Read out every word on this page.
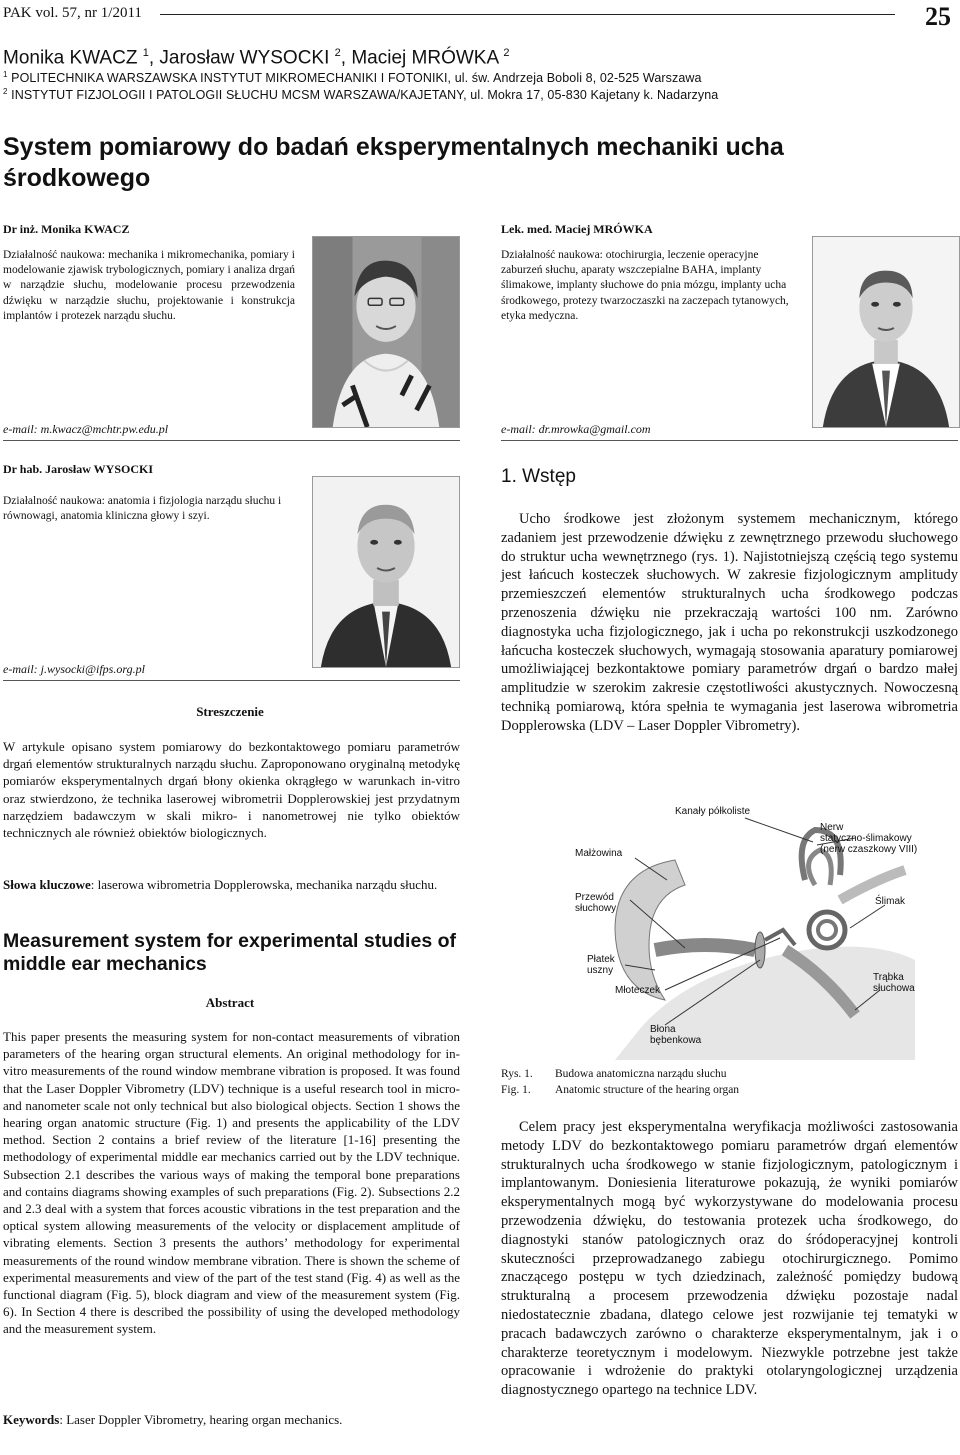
PAK vol. 57, nr 1/2011	25
Monika KWACZ $^1$, Jarosław WYSOCKI $^2$, Maciej MRÓWKA $^2$
$^1$ POLITECHNIKA WARSZAWSKA INSTYTUT MIKROMECHANIKI I FOTONIKI, ul. św. Andrzeja Boboli 8, 02-525 Warszawa
$^2$ INSTYTUT FIZJOLOGII I PATOLOGII SŁUCHU MCSM WARSZAWA/KAJETANY, ul. Mokra 17, 05-830 Kajetany k. Nadarzyna
System pomiarowy do badań eksperymentalnych mechaniki ucha środkowego
Dr inż. Monika KWACZ
Działalność naukowa: mechanika i mikromechanika, pomiary i modelowanie zjawisk trybologicznych, pomiary i analiza drgań w narządzie słuchu, modelowanie procesu przewodzenia dźwięku w narządzie słuchu, projektowanie i konstrukcja implantów i protezek narządu słuchu.
e-mail: m.kwacz@mchtr.pw.edu.pl
Lek. med. Maciej MRÓWKA
Działalność naukowa: otochirurgia, leczenie operacyjne zaburzeń słuchu, aparaty wszczepialne BAHA, implanty ślimakowe, implanty słuchowe do pnia mózgu, implanty ucha środkowego, protezy twarzoczaszki na zaczepach tytanowych, etyka medyczna.
e-mail: dr.mrowka@gmail.com
Dr hab. Jarosław WYSOCKI
Działalność naukowa: anatomia i fizjologia narządu słuchu i równowagi, anatomia kliniczna głowy i szyi.
e-mail: j.wysocki@ifps.org.pl
Streszczenie
W artykule opisano system pomiarowy do bezkontaktowego pomiaru parametrów drgań elementów strukturalnych narządu słuchu. Zaproponowano oryginalną metodykę pomiarów eksperymentalnych drgań błony okienka okrągłego w warunkach in-vitro oraz stwierdzono, że technika laserowej wibrometrii Dopplerowskiej jest przydatnym narzędziem badawczym w skali mikro- i nanometrowej nie tylko obiektów technicznych ale również obiektów biologicznych.
Słowa kluczowe: laserowa wibrometria Dopplerowska, mechanika narządu słuchu.
Measurement system for experimental studies of middle ear mechanics
Abstract
This paper presents the measuring system for non-contact measurements of vibration parameters of the hearing organ structural elements. An original methodology for in-vitro measurements of the round window membrane vibration is proposed. It was found that the Laser Doppler Vibrometry (LDV) technique is a useful research tool in micro- and nanometer scale not only technical but also biological objects. Section 1 shows the hearing organ anatomic structure (Fig. 1) and presents the applicability of the LDV method. Section 2 contains a brief review of the literature [1-16] presenting the methodology of experimental middle ear mechanics carried out by the LDV technique. Subsection 2.1 describes the various ways of making the temporal bone preparations and contains diagrams showing examples of such preparations (Fig. 2). Subsections 2.2 and 2.3 deal with a system that forces acoustic vibrations in the test preparation and the optical system allowing measurements of the velocity or displacement amplitude of vibrating elements. Section 3 presents the authors’ methodology for experimental measurements of the round window membrane vibration. There is shown the scheme of experimental measurements and view of the part of the test stand (Fig. 4) as well as the functional diagram (Fig. 5), block diagram and view of the measurement system (Fig. 6). In Section 4 there is described the possibility of using the developed methodology and the measurement system.
Keywords: Laser Doppler Vibrometry, hearing organ mechanics.
1. Wstęp
Ucho środkowe jest złożonym systemem mechanicznym, którego zadaniem jest przewodzenie dźwięku z zewnętrznego przewodu słuchowego do struktur ucha wewnętrznego (rys. 1). Najistotniejszą częścią tego systemu jest łańcuch kosteczek słuchowych. W zakresie fizjologicznym amplitudy przemieszczeń elementów strukturalnych ucha środkowego podczas przenoszenia dźwięku nie przekraczają wartości 100 nm. Zarówno diagnostyka ucha fizjologicznego, jak i ucha po rekonstrukcji uszkodzonego łańcucha kosteczek słuchowych, wymagają stosowania aparatury pomiarowej umożliwiającej bezkontaktowe pomiary parametrów drgań o bardzo małej amplitudzie w szerokim zakresie częstotliwości akustycznych. Nowoczesną techniką pomiarową, która spełnia te wymagania jest laserowa wibrometria Dopplerowska (LDV – Laser Doppler Vibrometry).
Kanały półkoliste
Nerw
statyczno-ślimakowy
(nerw czaszkowy VIII)
Małżowina
Ślimak
Przewód
słuchowy
Trąbka
słuchowa
Płatek
uszny
Młoteczek
Błona
bębenkowa
Rys. 1. Budowa anatomiczna narządu słuchu
Fig. 1. Anatomic structure of the hearing organ
Celem pracy jest eksperymentalna weryfikacja możliwości zastosowania metody LDV do bezkontaktowego pomiaru parametrów drgań elementów strukturalnych ucha środkowego w stanie fizjologicznym, patologicznym i implantowanym. Doniesienia literaturowe pokazują, że wyniki pomiarów eksperymentalnych mogą być wykorzystywane do modelowania procesu przewodzenia dźwięku, do testowania protezek ucha środkowego, do diagnostyki stanów patologicznych oraz do śródoperacyjnej kontroli skuteczności przeprowadzanego zabiegu otochirurgicznego. Pomimo znaczącego postępu w tych dziedzinach, zależność pomiędzy budową strukturalną a procesem przewodzenia dźwięku pozostaje nadal niedostatecznie zbadana, dlatego celowe jest rozwijanie tej tematyki w pracach badawczych zarówno o charakterze eksperymentalnym, jak i o charakterze teoretycznym i modelowym. Niezwykle potrzebne jest także opracowanie i wdrożenie do praktyki otolaryngologicznej urządzenia diagnostycznego opartego na technice LDV.
